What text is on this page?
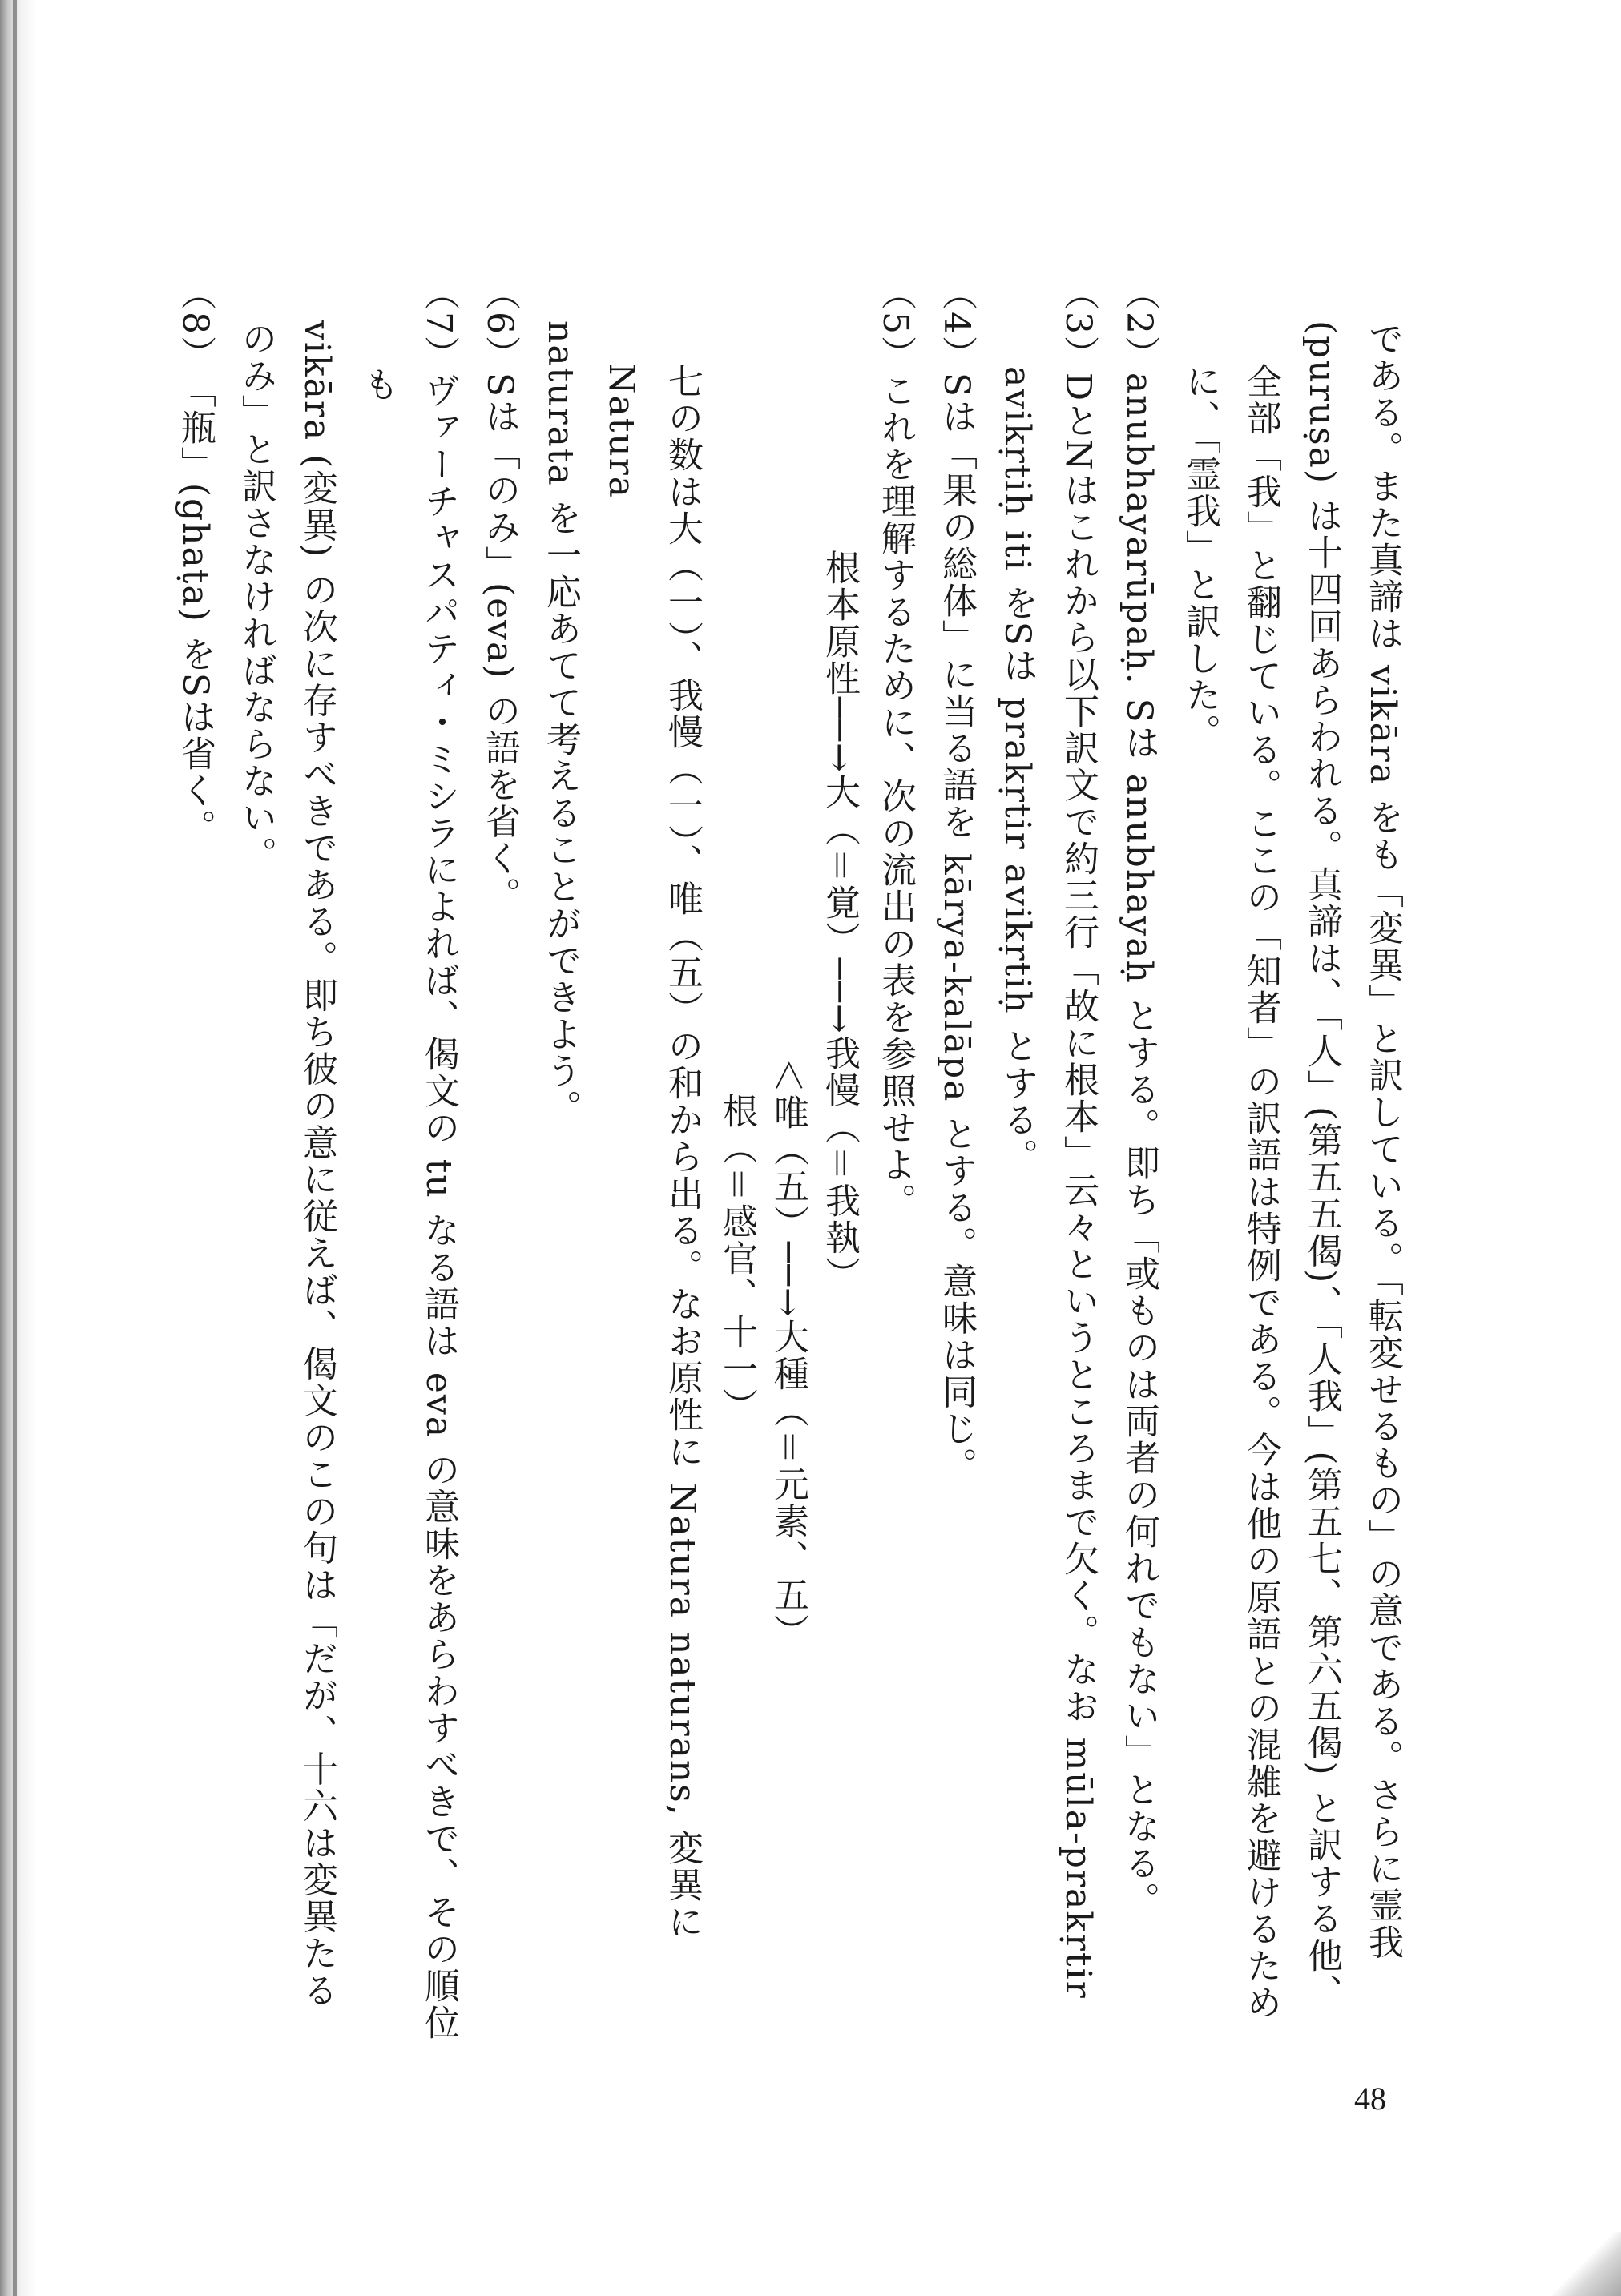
である。また真諦は vikāra をも「変異」と訳している。「転変せるもの」の意である。さらに霊我

(puruṣa) は十四回あらわれる。真諦は、「人」(第五五偈)、「人我」(第五七、第六五偈) と訳する他、

全部「我」と翻じている。ここの「知者」の訳語は特例である。今は他の原語との混雑を避けるため

に、「霊我」と訳した。

（2）anubhayarūpaḥ. Sは anubhayaḥ とする。即ち「或ものは両者の何れでもない」となる。

（3）DとNはこれから以下訳文で約三行「故に根本」云々というところまで欠く。なお mūla-prakṛtir

avikṛtiḥ iti をSは prakṛtir avikṛtiḥ とする。

（4）Sは「果の総体」に当る語を kārya-kalāpa とする。意味は同じ。

（5）これを理解するために、次の流出の表を参照せよ。

根本原性──→大（＝覚）──→我慢（＝我執）
＜唯（五）──→大種（＝元素、五）
根（＝感官、十一）

七の数は大（一）、我慢（一）、唯（五）の和から出る。なお原性に Natura naturans, 変異に Natura

naturata を一応あてて考えることができよう。

（6）Sは「のみ」(eva) の語を省く。

（7）ヴァーチャスパティ・ミシラによれば、偈文の tu なる語は eva の意味をあらわすべきで、その順位も

vikāra (変異) の次に存すべきである。即ち彼の意に従えば、偈文のこの句は「だが、十六は変異たる

のみ」と訳さなければならない。

（8）「瓶」(ghaṭa) をSは省く。

48
